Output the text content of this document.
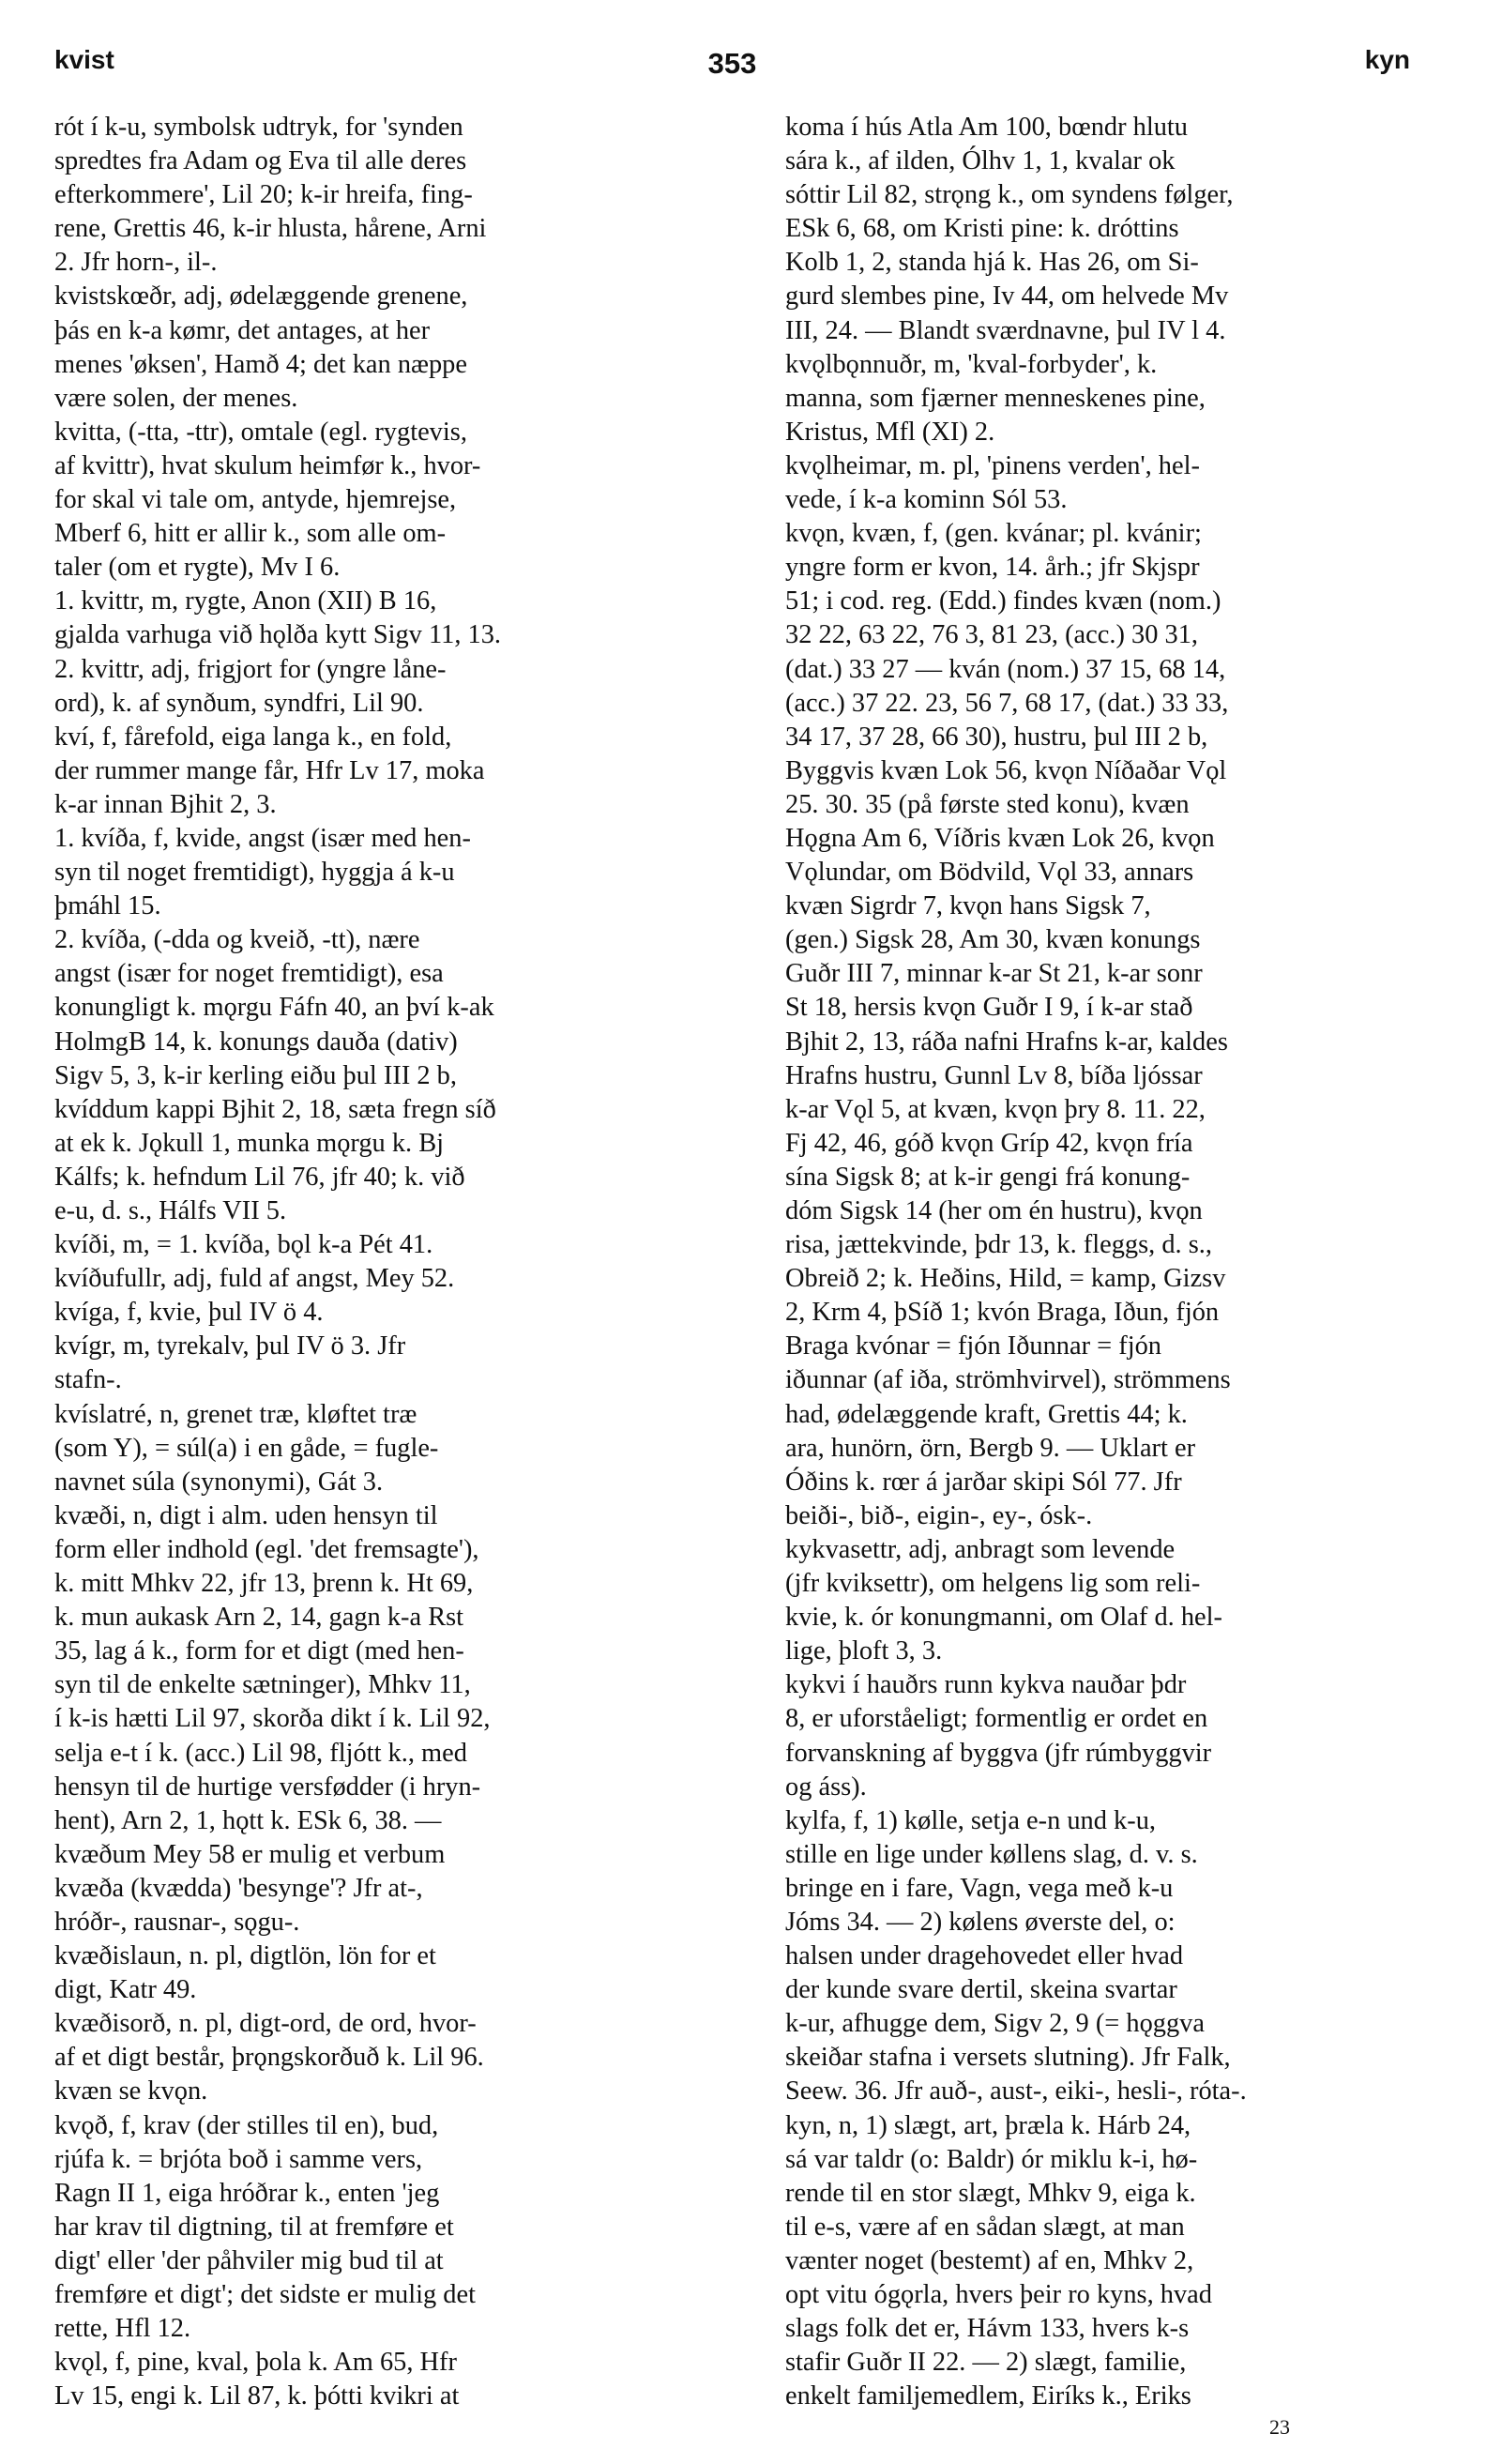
kvist	353	kyn

rót í k-u, symbolsk udtryk, for 'synden

spredtes fra Adam og Eva til alle deres

efterkommere', Lil 20; k-ir hreifa, fing-

rene, Grettis 46, k-ir hlusta, hårene, Arni

2. Jfr horn-, il-.

kvistskœðr, adj, ødelæggende grenene,

þás en k-a kømr, det antages, at her

menes 'øksen', Hamð 4; det kan næppe

være solen, der menes.

kvitta, (-tta, -ttr), omtale (egl. rygtevis,

af kvittr), hvat skulum heimfør k., hvor-

for skal vi tale om, antyde, hjemrejse,

Mberf 6, hitt er allir k., som alle om-

taler (om et rygte), Mv I 6.

1. kvittr, m, rygte, Anon (XII) B 16,

gjalda varhuga við hǫlða kytt Sigv 11, 13.

2. kvittr, adj, frigjort for (yngre låne-

ord), k. af synðum, syndfri, Lil 90.

kví, f, fårefold, eiga langa k., en fold,

der rummer mange får, Hfr Lv 17, moka

k-ar innan Bjhit 2, 3.

1. kvíða, f, kvide, angst (især med hen-

syn til noget fremtidigt), hyggja á k-u

þmáhl 15.

2. kvíða, (-dda og kveið, -tt), nære

angst (især for noget fremtidigt), esa

konungligt k. mǫrgu Fáfn 40, an því k-ak

HolmgB 14, k. konungs dauða (dativ)

Sigv 5, 3, k-ir kerling eiðu þul III 2 b,

kvíddum kappi Bjhit 2, 18, sæta fregn síð

at ek k. Jǫkull 1, munka mǫrgu k. Bj

Kálfs; k. hefndum Lil 76, jfr 40; k. við

e-u, d. s., Hálfs VII 5.

kvíði, m, = 1. kvíða, bǫl k-a Pét 41.

kvíðufullr, adj, fuld af angst, Mey 52.

kvíga, f, kvie, þul IV ö 4.

kvígr, m, tyrekalv, þul IV ö 3. Jfr

stafn-.

kvíslatré, n, grenet træ, kløftet træ

(som Y), = súl(a) i en gåde, = fugle-

navnet súla (synonymi), Gát 3.

kvæði, n, digt i alm. uden hensyn til

form eller indhold (egl. 'det fremsagte'),

k. mitt Mhkv 22, jfr 13, þrenn k. Ht 69,

k. mun aukask Arn 2, 14, gagn k-a Rst

35, lag á k., form for et digt (med hen-

syn til de enkelte sætninger), Mhkv 11,

í k-is hætti Lil 97, skorða dikt í k. Lil 92,

selja e-t í k. (acc.) Lil 98, fljótt k., med

hensyn til de hurtige versfødder (i hryn-

hent), Arn 2, 1, hǫtt k. ESk 6, 38. —

kvæðum Mey 58 er mulig et verbum

kvæða (kvædda) 'besynge'? Jfr at-,

hróðr-, rausnar-, sǫgu-.

kvæðislaun, n. pl, digtlön, lön for et

digt, Katr 49.

kvæðisorð, n. pl, digt-ord, de ord, hvor-

af et digt består, þrǫngskorðuð k. Lil 96.

kvæn se kvǫn.

kvǫð, f, krav (der stilles til en), bud,

rjúfa k. = brjóta boð i samme vers,

Ragn II 1, eiga hróðrar k., enten 'jeg

har krav til digtning, til at fremføre et

digt' eller 'der påhviler mig bud til at

fremføre et digt'; det sidste er mulig det

rette, Hfl 12.

kvǫl, f, pine, kval, þola k. Am 65, Hfr

Lv 15, engi k. Lil 87, k. þótti kvikri at

koma í hús Atla Am 100, bœndr hlutu

sára k., af ilden, Ólhv 1, 1, kvalar ok

sóttir Lil 82, strǫng k., om syndens følger,

ESk 6, 68, om Kristi pine: k. dróttins

Kolb 1, 2, standa hjá k. Has 26, om Si-

gurd slembes pine, Iv 44, om helvede Mv

III, 24. — Blandt sværdnavne, þul IV l 4.

kvǫlbǫnnuðr, m, 'kval-forbyder', k.

manna, som fjærner menneskenes pine,

Kristus, Mfl (XI) 2.

kvǫlheimar, m. pl, 'pinens verden', hel-

vede, í k-a kominn Sól 53.

kvǫn, kvæn, f, (gen. kvánar; pl. kvánir;

yngre form er kvon, 14. årh.; jfr Skjspr

51; i cod. reg. (Edd.) findes kvæn (nom.)

32 22, 63 22, 76 3, 81 23, (acc.) 30 31,

(dat.) 33 27 — kván (nom.) 37 15, 68 14,

(acc.) 37 22. 23, 56 7, 68 17, (dat.) 33 33,

34 17, 37 28, 66 30), hustru, þul III 2 b,

Byggvis kvæn Lok 56, kvǫn Níðaðar Vǫl

25. 30. 35 (på første sted konu), kvæn

Hǫgna Am 6, Víðris kvæn Lok 26, kvǫn

Vǫlundar, om Bödvild, Vǫl 33, annars

kvæn Sigrdr 7, kvǫn hans Sigsk 7,

(gen.) Sigsk 28, Am 30, kvæn konungs

Guðr III 7, minnar k-ar St 21, k-ar sonr

St 18, hersis kvǫn Guðr I 9, í k-ar stað

Bjhit 2, 13, ráða nafni Hrafns k-ar, kaldes

Hrafns hustru, Gunnl Lv 8, bíða ljóssar

k-ar Vǫl 5, at kvæn, kvǫn þry 8. 11. 22,

Fj 42, 46, góð kvǫn Gríp 42, kvǫn fría

sína Sigsk 8; at k-ir gengi frá konung-

dóm Sigsk 14 (her om én hustru), kvǫn

risa, jættekvinde, þdr 13, k. fleggs, d. s.,

Obreið 2; k. Heðins, Hild, = kamp, Gizsv

2, Krm 4, þSíð 1; kvón Braga, Iðun, fjón

Braga kvónar = fjón Iðunnar = fjón

iðunnar (af iða, strömhvirvel), strömmens

had, ødelæggende kraft, Grettis 44; k.

ara, hunörn, örn, Bergb 9. — Uklart er

Óðins k. rœr á jarðar skipi Sól 77. Jfr

beiði-, bið-, eigin-, ey-, ósk-.

kykvasettr, adj, anbragt som levende

(jfr kviksettr), om helgens lig som reli-

kvie, k. ór konungmanni, om Olaf d. hel-

lige, þloft 3, 3.

kykvi í hauðrs runn kykva nauðar þdr

8, er uforståeligt; formentlig er ordet en

forvanskning af byggva (jfr rúmbyggvir

og áss).

kylfa, f, 1) kølle, setja e-n und k-u,

stille en lige under køllens slag, d. v. s.

bringe en i fare, Vagn, vega með k-u

Jóms 34. — 2) kølens øverste del, o:

halsen under dragehovedet eller hvad

der kunde svare dertil, skeina svartar

k-ur, afhugge dem, Sigv 2, 9 (= hǫggva

skeiðar stafna i versets slutning). Jfr Falk,

Seew. 36. Jfr auð-, aust-, eiki-, hesli-, róta-.

kyn, n, 1) slægt, art, þræla k. Hárb 24,

sá var taldr (o: Baldr) ór miklu k-i, hø-

rende til en stor slægt, Mhkv 9, eiga k.

til e-s, være af en sådan slægt, at man

vænter noget (bestemt) af en, Mhkv 2,

opt vitu ógǫrla, hvers þeir ro kyns, hvad

slags folk det er, Hávm 133, hvers k-s

stafir Guðr II 22. — 2) slægt, familie,

enkelt familjemedlem, Eiríks k., Eriks

23
